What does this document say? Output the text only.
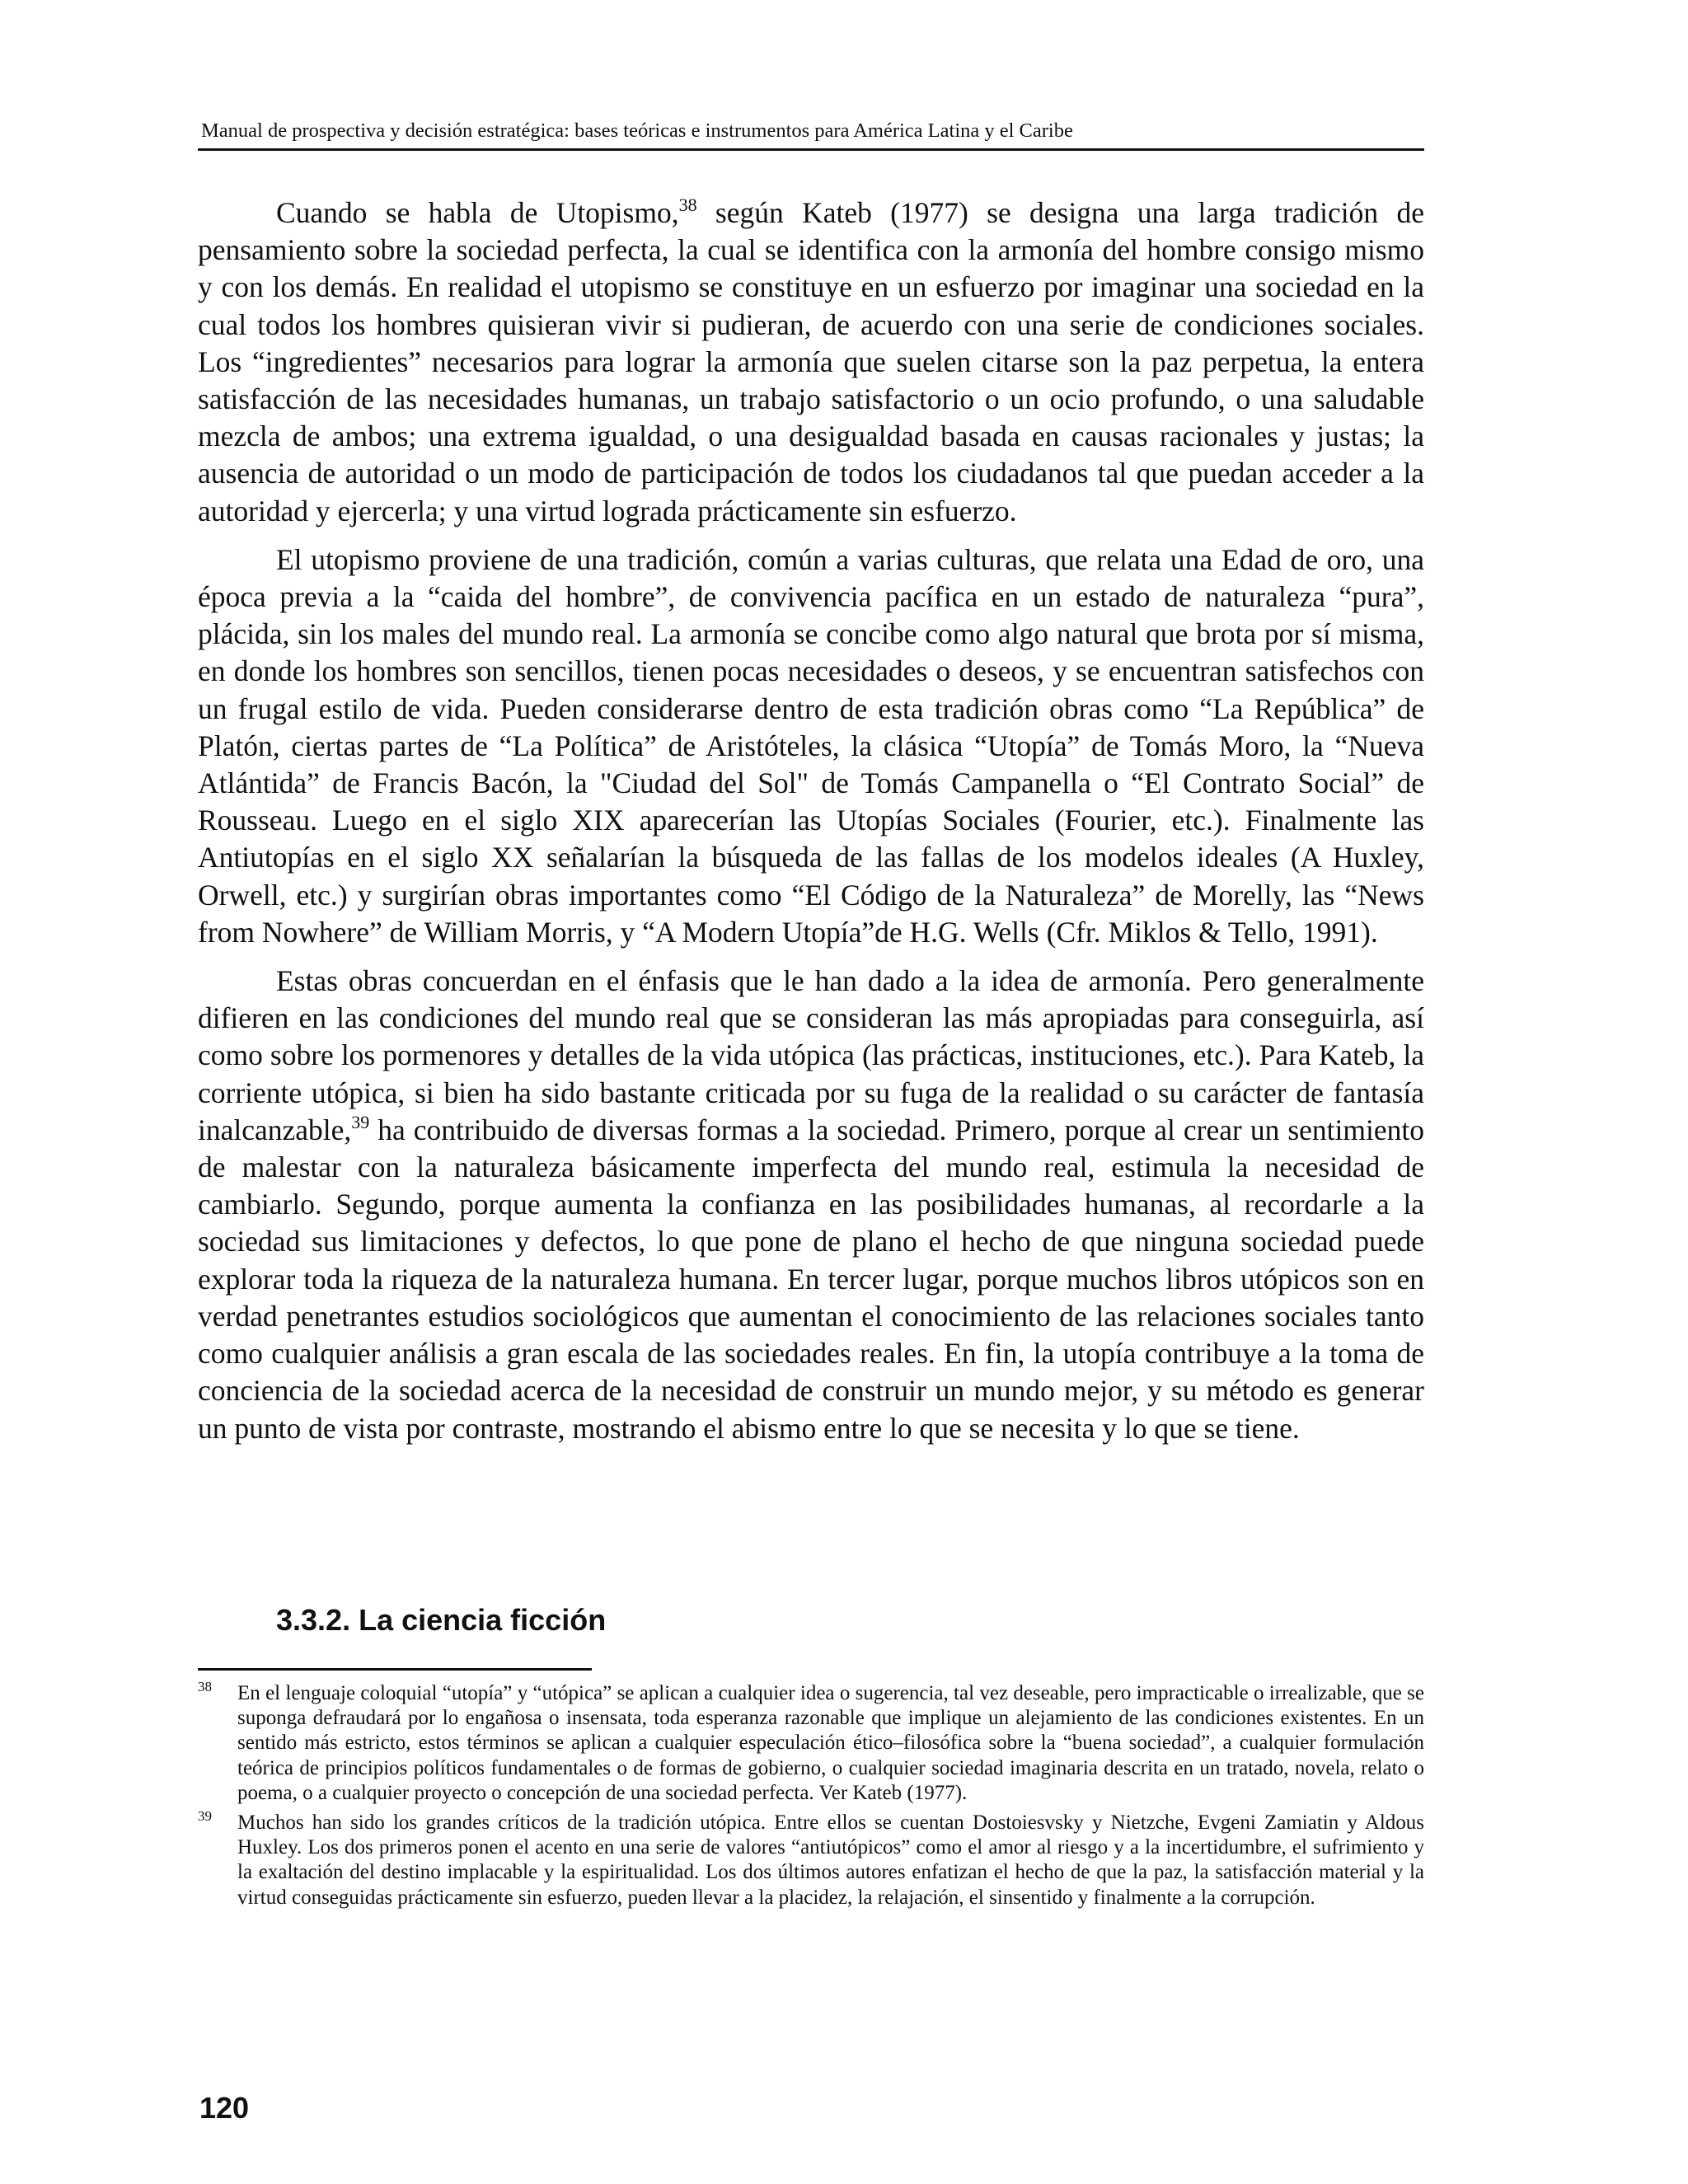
Manual de prospectiva y decisión estratégica: bases teóricas e instrumentos para América Latina y el Caribe

Cuando se habla de Utopismo,$^{38}$ según Kateb (1977) se designa una larga tradición de pensamiento sobre la sociedad perfecta, la cual se identifica con la armonía del hombre consigo mismo y con los demás. En realidad el utopismo se constituye en un esfuerzo por imaginar una sociedad en la cual todos los hombres quisieran vivir si pudieran, de acuerdo con una serie de condiciones sociales. Los “ingredientes” necesarios para lograr la armonía que suelen citarse son la paz perpetua, la entera satisfacción de las necesidades humanas, un trabajo satisfactorio o un ocio profundo, o una saludable mezcla de ambos; una extrema igualdad, o una desigualdad basada en causas racionales y justas; la ausencia de autoridad o un modo de participación de todos los ciudadanos tal que puedan acceder a la autoridad y ejercerla; y una virtud lograda prácticamente sin esfuerzo.

El utopismo proviene de una tradición, común a varias culturas, que relata una Edad de oro, una época previa a la “caida del hombre”, de convivencia pacífica en un estado de naturaleza “pura”, plácida, sin los males del mundo real. La armonía se concibe como algo natural que brota por sí misma, en donde los hombres son sencillos, tienen pocas necesidades o deseos, y se encuentran satisfechos con un frugal estilo de vida. Pueden considerarse dentro de esta tradición obras como “La República” de Platón, ciertas partes de “La Política” de Aristóteles, la clásica “Utopía” de Tomás Moro, la “Nueva Atlántida” de Francis Bacón, la "Ciudad del Sol" de Tomás Campanella o “El Contrato Social” de Rousseau. Luego en el siglo XIX aparecerían las Utopías Sociales (Fourier, etc.). Finalmente las Antiutopías en el siglo XX señalarían la búsqueda de las fallas de los modelos ideales (A Huxley, Orwell, etc.) y surgirían obras importantes como “El Código de la Naturaleza” de Morelly, las “News from Nowhere” de William Morris, y “A Modern Utopía”de H.G. Wells (Cfr. Miklos & Tello, 1991).

Estas obras concuerdan en el énfasis que le han dado a la idea de armonía. Pero generalmente difieren en las condiciones del mundo real que se consideran las más apropiadas para conseguirla, así como sobre los pormenores y detalles de la vida utópica (las prácticas, instituciones, etc.). Para Kateb, la corriente utópica, si bien ha sido bastante criticada por su fuga de la realidad o su carácter de fantasía inalcanzable,$^{39}$ ha contribuido de diversas formas a la sociedad. Primero, porque al crear un sentimiento de malestar con la naturaleza básicamente imperfecta del mundo real, estimula la necesidad de cambiarlo. Segundo, porque aumenta la confianza en las posibilidades humanas, al recordarle a la sociedad sus limitaciones y defectos, lo que pone de plano el hecho de que ninguna sociedad puede explorar toda la riqueza de la naturaleza humana. En tercer lugar, porque muchos libros utópicos son en verdad penetrantes estudios sociológicos que aumentan el conocimiento de las relaciones sociales tanto como cualquier análisis a gran escala de las sociedades reales. En fin, la utopía contribuye a la toma de conciencia de la sociedad acerca de la necesidad de construir un mundo mejor, y su método es generar un punto de vista por contraste, mostrando el abismo entre lo que se necesita y lo que se tiene.

3.3.2. La ciencia ficción
38 En el lenguaje coloquial “utopía” y “utópica” se aplican a cualquier idea o sugerencia, tal vez deseable, pero impracticable o irrealizable, que se suponga defraudará por lo engañosa o insensata, toda esperanza razonable que implique un alejamiento de las condiciones existentes. En un sentido más estricto, estos términos se aplican a cualquier especulación ético–filosófica sobre la “buena sociedad”, a cualquier formulación teórica de principios políticos fundamentales o de formas de gobierno, o cualquier sociedad imaginaria descrita en un tratado, novela, relato o poema, o a cualquier proyecto o concepción de una sociedad perfecta. Ver Kateb (1977).
39 Muchos han sido los grandes críticos de la tradición utópica. Entre ellos se cuentan Dostoiesvsky y Nietzche, Evgeni Zamiatin y Aldous Huxley. Los dos primeros ponen el acento en una serie de valores “antiutópicos” como el amor al riesgo y a la incertidumbre, el sufrimiento y la exaltación del destino implacable y la espiritualidad. Los dos últimos autores enfatizan el hecho de que la paz, la satisfacción material y la virtud conseguidas prácticamente sin esfuerzo, pueden llevar a la placidez, la relajación, el sinsentido y finalmente a la corrupción.
120
